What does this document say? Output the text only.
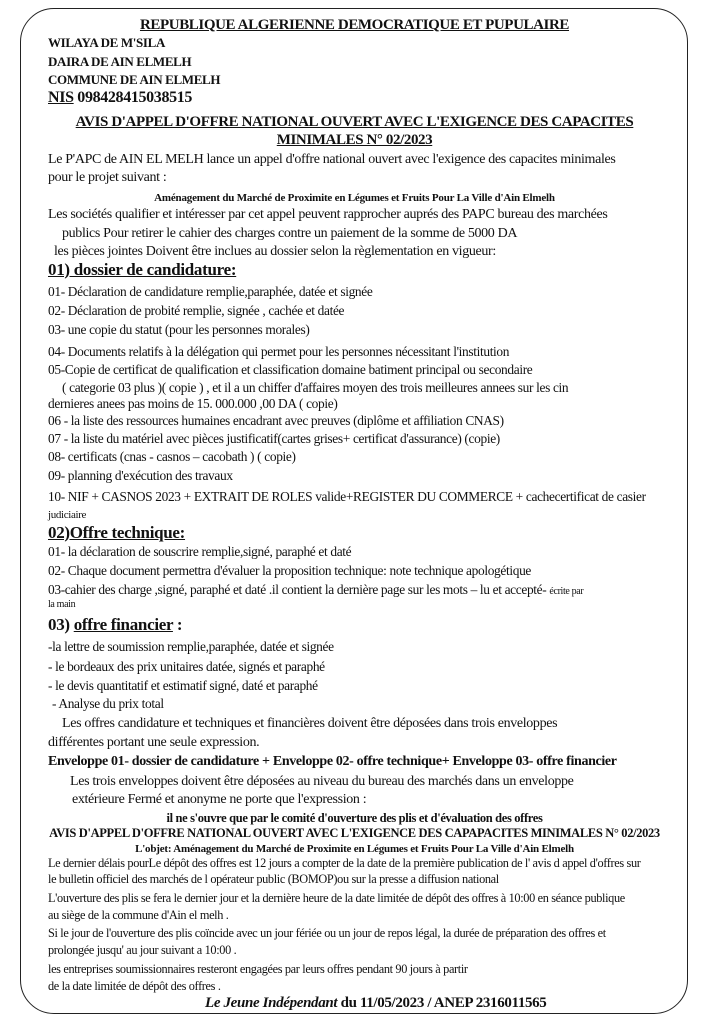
REPUBLIQUE ALGERIENNE DEMOCRATIQUE ET PUPULAIRE
WILAYA DE M'SILA
DAIRA DE AIN ELMELH
COMMUNE DE AIN ELMELH
NIS 098428415038515
AVIS D'APPEL D'OFFRE NATIONAL OUVERT AVEC L'EXIGENCE DES CAPACITES
MINIMALES N° 02/2023
Le P'APC de AIN EL MELH lance un appel d'offre national ouvert avec l'exigence des capacites minimales
pour le projet suivant :
Aménagement du Marché de Proximite en Légumes et Fruits Pour La Ville d'Ain Elmelh
Les sociétés qualifier et intéresser par cet appel peuvent rapprocher auprés des PAPC bureau des marchées
publics Pour retirer le cahier des charges contre un paiement de la somme de 5000 DA
les pièces jointes Doivent être inclues au dossier selon la règlementation en vigueur:
01) dossier de candidature:
01- Déclaration de candidature remplie,paraphée, datée et signée
02- Déclaration de probité remplie, signée , cachée et datée
03- une copie du statut (pour les personnes morales)
04- Documents relatifs à la délégation qui permet pour les personnes nécessitant l'institution
05-Copie de certificat de qualification et classification domaine batiment principal ou secondaire
( categorie 03 plus )( copie ) , et il a un chiffer d'affaires moyen des trois meilleures annees sur les cin
dernieres anees pas moins de 15. 000.000 ,00 DA ( copie)
06 - la liste des ressources humaines encadrant avec preuves (diplôme et affiliation CNAS)
07 - la liste du matériel avec pièces justificatif(cartes grises+ certificat d'assurance) (copie)
08- certificats (cnas - casnos – cacobath ) ( copie)
09- planning d'exécution des travaux
10- NIF + CASNOS 2023 + EXTRAIT DE ROLES valide+REGISTER DU COMMERCE + cachecertificat de casier
judiciaire
02)Offre technique:
01- la déclaration de souscrire remplie,signé, paraphé et daté
02- Chaque document permettra d'évaluer la proposition technique: note technique apologétique
03-cahier des charge ,signé, paraphé et daté .il contient la dernière page sur les mots – lu et accepté- écrite par
la main
03) offre financier :
-la lettre de soumission remplie,paraphée, datée et signée
- le bordeaux des prix unitaires datée, signés et paraphé
- le devis quantitatif et estimatif signé, daté et paraphé
- Analyse du prix total
Les offres candidature et techniques et financières doivent être déposées dans trois enveloppes
différentes portant une seule expression.
Enveloppe 01- dossier de candidature + Enveloppe 02- offre technique+ Enveloppe 03- offre financier
Les trois enveloppes doivent être déposées au niveau du bureau des marchés dans un enveloppe
extérieure Fermé et anonyme ne porte que l'expression :
il ne s'ouvre que par le comité d'ouverture des plis et d'évaluation des offres
AVIS D'APPEL D'OFFRE NATIONAL OUVERT AVEC L'EXIGENCE DES CAPAPACITES MINIMALES N° 02/2023
L'objet: Aménagement du Marché de Proximite en Légumes et Fruits Pour La Ville d'Ain Elmelh
Le dernier délais pourLe dépôt des offres est 12 jours a compter de la date de la première publication de l' avis d appel d'offres sur
le bulletin officiel des marchés de l opérateur public (BOMOP)ou sur la presse a diffusion national
L'ouverture des plis se fera le dernier jour et la dernière heure de la date limitée de dépôt des offres à 10:00 en séance publique
au siège de la commune d'Ain el melh .
Si le jour de l'ouverture des plis coïncide avec un jour fériée ou un jour de repos légal, la durée de préparation des offres et
prolongée jusqu' au jour suivant a 10:00 .
les entreprises soumissionnaires resteront engagées par leurs offres pendant 90 jours à partir
de la date limitée de dépôt des offres .
Le Jeune Indépendant du 11/05/2023 / ANEP 2316011565
